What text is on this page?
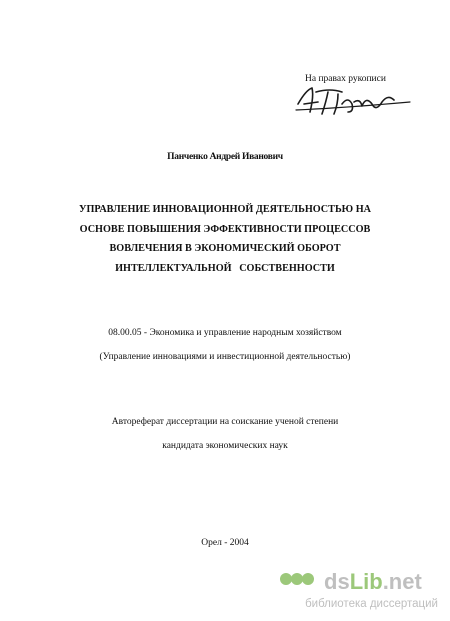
На правах рукописи
Панченко Андрей Иванович
УПРАВЛЕНИЕ ИННОВАЦИОННОЙ ДЕЯТЕЛЬНОСТЬЮ НА
ОСНОВЕ ПОВЫШЕНИЯ ЭФФЕКТИВНОСТИ ПРОЦЕССОВ
ВОВЛЕЧЕНИЯ В ЭКОНОМИЧЕСКИЙ ОБОРОТ
ИНТЕЛЛЕКТУАЛЬНОЙ   СОБСТВЕННОСТИ
08.00.05 - Экономика и управление народным хозяйством
(Управление инновациями и инвестиционной деятельностью)
Автореферат диссертации на соискание ученой степени
кандидата экономических наук
Орел - 2004
dsLib.net
библиотека диссертаций
